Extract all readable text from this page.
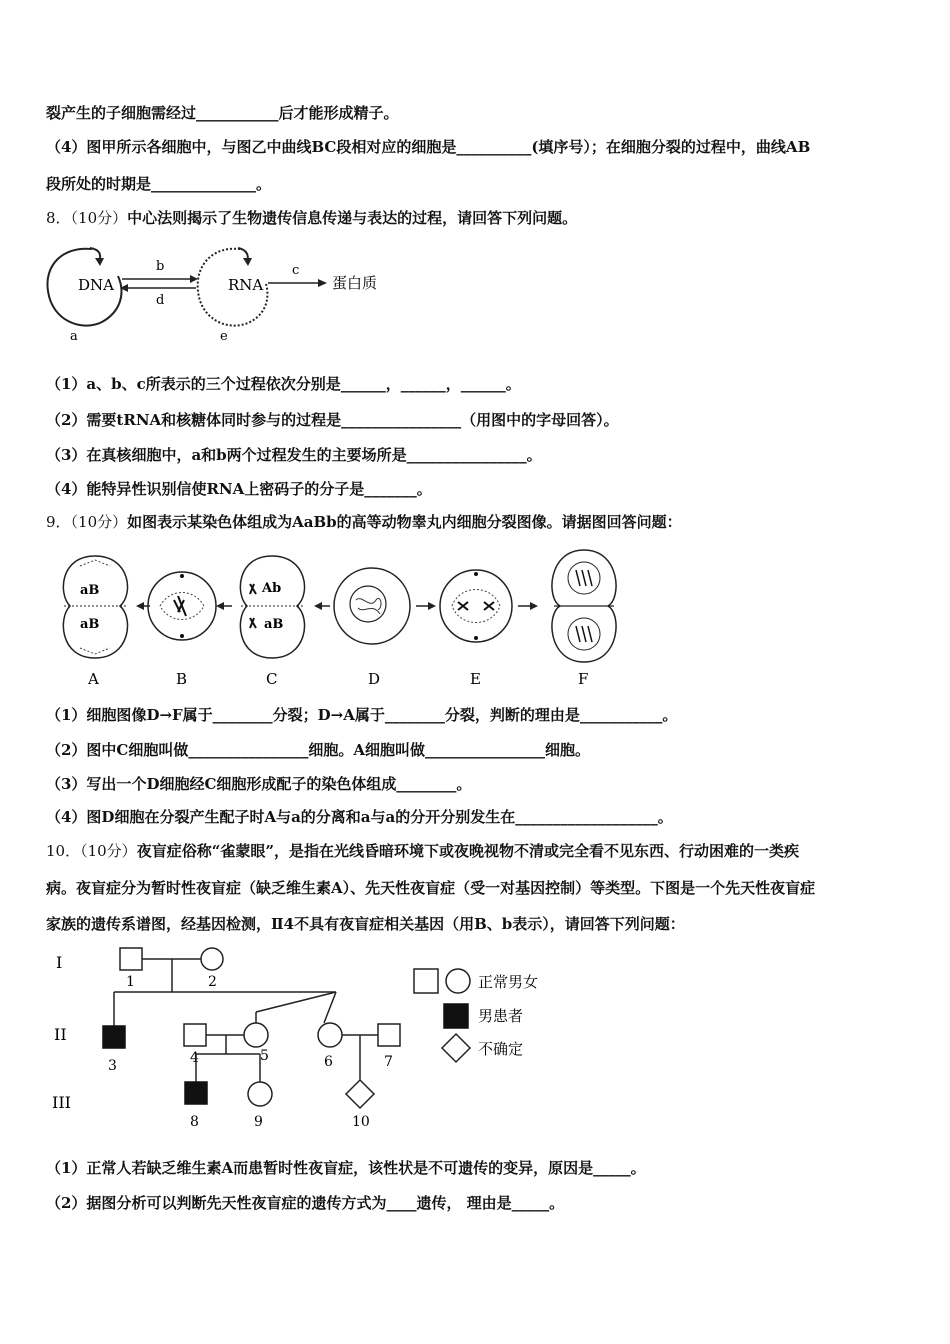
裂产生的子细胞需经过___________后才能形成精子。
（4）图甲所示各细胞中，与图乙中曲线BC段相对应的细胞是__________(填序号）；在细胞分裂的过程中，曲线AB
段所处的时期是______________。
8．（10分）中心法则揭示了生物遗传信息传递与表达的过程，请回答下列问题。
DNA
a
b
d
RNA
e
c
蛋白质
（1）a、b、c所表示的三个过程依次分别是______，______，______。
（2）需要tRNA和核糖体同时参与的过程是________________（用图中的字母回答）。
（3）在真核细胞中，a和b两个过程发生的主要场所是________________。
（4）能特异性识别信使RNA上密码子的分子是_______。
9．（10分）如图表示某染色体组成为AaBb的高等动物睾丸内细胞分裂图像。请据图回答问题：
aB
aB
Ab
aB
A	B	C	D	E	F
（1）细胞图像D→F属于________分裂；D→A属于________分裂，判断的理由是___________。
（2）图中C细胞叫做________________细胞。A细胞叫做________________细胞。
（3）写出一个D细胞经C细胞形成配子的染色体组成________。
（4）图D细胞在分裂产生配子时A与a的分离和a与a的分开分别发生在___________________。
10．（10分）夜盲症俗称“雀蒙眼”，是指在光线昏暗环境下或夜晚视物不清或完全看不见东西、行动困难的一类疾
病。夜盲症分为暂时性夜盲症（缺乏维生素A）、先天性夜盲症（受一对基因控制）等类型。下图是一个先天性夜盲症
家族的遗传系谱图，经基因检测，Ⅱ4不具有夜盲症相关基因（用B、b表示），请回答下列问题：
I
II
III
1	2
3	4	5	6	7
8	9	10
正常男女
男患者
不确定
（1）正常人若缺乏维生素A而患暂时性夜盲症，该性状是不可遗传的变异，原因是_____。
（2）据图分析可以判断先天性夜盲症的遗传方式为____遗传， 理由是_____。
